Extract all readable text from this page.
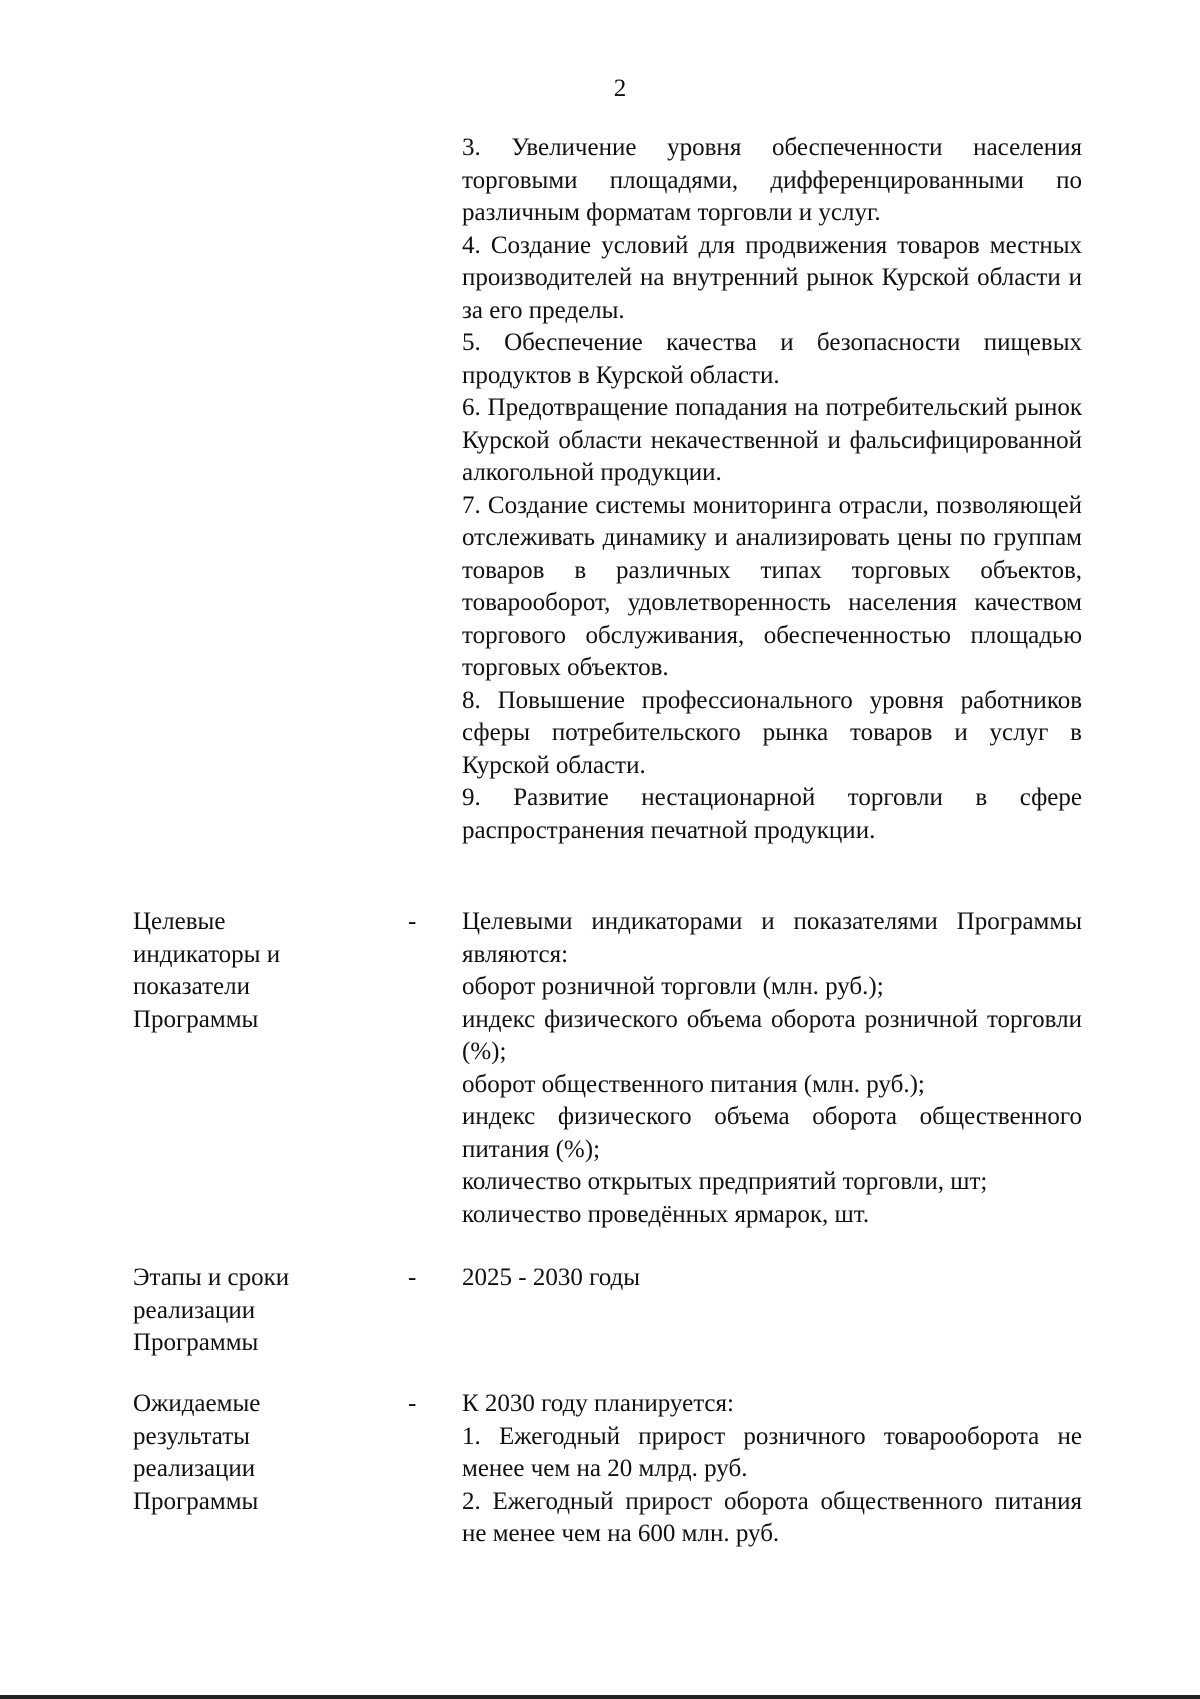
2

3. Увеличение уровня обеспеченности населения торговыми площадями, дифференцированными по различным форматам торговли и услуг.

4. Создание условий для продвижения товаров местных производителей на внутренний рынок Курской области и за его пределы.

5. Обеспечение качества и безопасности пищевых продуктов в Курской области.

6. Предотвращение попадания на потребительский рынок Курской области некачественной и фальсифицированной алкогольной продукции.

7. Создание системы мониторинга отрасли, позволяющей отслеживать динамику и анализировать цены по группам товаров в различных типах торговых объектов, товарооборот, удовлетворенность населения качеством торгового обслуживания, обеспеченностью площадью торговых объектов.

8. Повышение профессионального уровня работников сферы потребительского рынка товаров и услуг в Курской области.

9. Развитие нестационарной торговли в сфере распространения печатной продукции.

Целевые
индикаторы и
показатели
Программы
- Целевыми индикаторами и показателями Программы являются:

оборот розничной торговли (млн. руб.);

индекс физического объема оборота розничной торговли (%);

оборот общественного питания (млн. руб.);

индекс физического объема оборота общественного питания (%);

количество открытых предприятий торговли, шт;

количество проведённых ярмарок, шт.

Этапы и сроки
реализации
Программы
- 2025 - 2030 годы

Ожидаемые
результаты
реализации
Программы
- К 2030 году планируется:

1. Ежегодный прирост розничного товарооборота не менее чем на 20 млрд. руб.

2. Ежегодный прирост оборота общественного питания не менее чем на 600 млн. руб.
